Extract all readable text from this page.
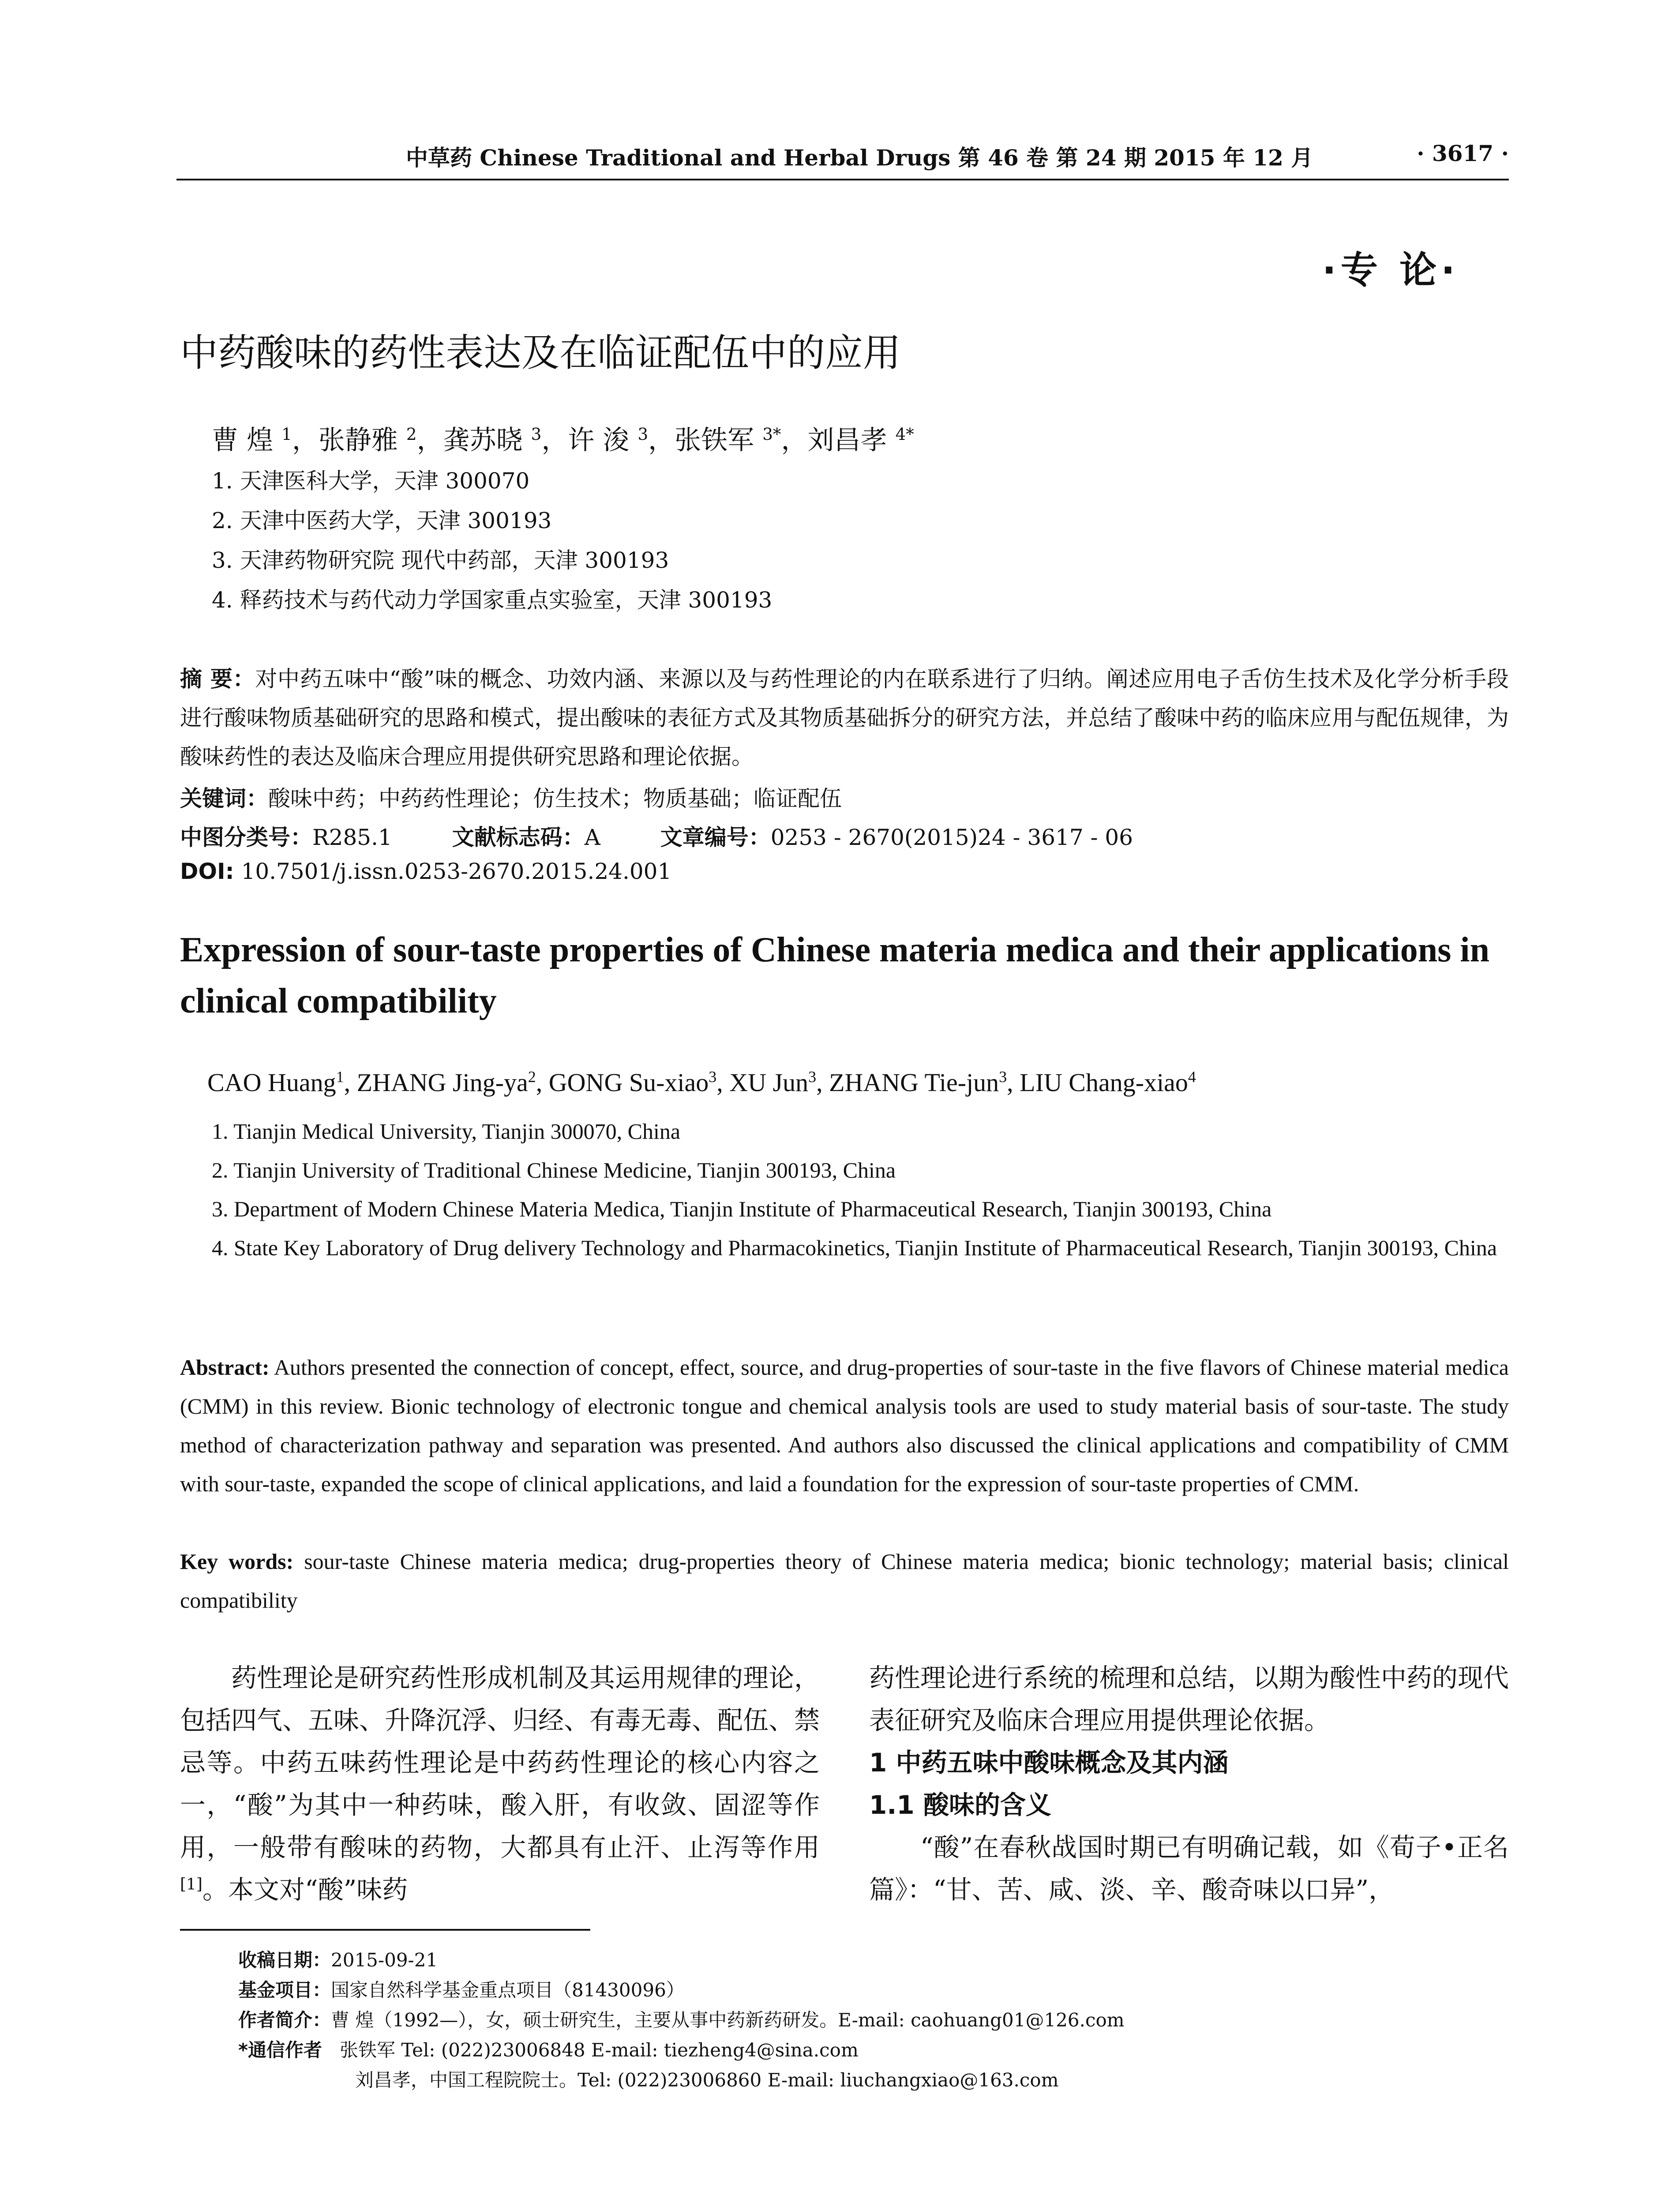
中草药 Chinese Traditional and Herbal Drugs 第 46 卷 第 24 期 2015 年 12 月	· 3617 ·
·专 论·
中药酸味的药性表达及在临证配伍中的应用
曹 煌 $^1$，张静雅 $^2$，龚苏晓 $^3$，许 浚 $^3$，张铁军 $^{3*}$，刘昌孝 $^{4*}$
1. 天津医科大学，天津 300070
2. 天津中医药大学，天津 300193
3. 天津药物研究院 现代中药部，天津 300193
4. 释药技术与药代动力学国家重点实验室，天津 300193
摘 要：对中药五味中“酸”味的概念、功效内涵、来源以及与药性理论的内在联系进行了归纳。阐述应用电子舌仿生技术及化学分析手段进行酸味物质基础研究的思路和模式，提出酸味的表征方式及其物质基础拆分的研究方法，并总结了酸味中药的临床应用与配伍规律，为酸味药性的表达及临床合理应用提供研究思路和理论依据。
关键词：酸味中药；中药药性理论；仿生技术；物质基础；临证配伍
中图分类号：R285.1	文献标志码：A	文章编号：0253 - 2670(2015)24 - 3617 - 06
DOI: 10.7501/j.issn.0253-2670.2015.24.001
Expression of sour-taste properties of Chinese materia medica and their applications in clinical compatibility
CAO Huang$^1$, ZHANG Jing-$ya^2$, GONG Su-xiao$^3$, XU Jun$^3$, ZHANG Tie-jun$^3$, LIU Chang-xiao$^4$
1. Tianjin Medical University, Tianjin 300070, China
2. Tianjin University of Traditional Chinese Medicine, Tianjin 300193, China
3. Department of Modern Chinese Materia Medica, Tianjin Institute of Pharmaceutical Research, Tianjin 300193, China
4. State Key Laboratory of Drug delivery Technology and Pharmacokinetics, Tianjin Institute of Pharmaceutical Research, Tianjin 300193, China
Abstract: Authors presented the connection of concept, effect, source, and drug-properties of sour-taste in the five flavors of Chinese material medica (CMM) in this review. Bionic technology of electronic tongue and chemical analysis tools are used to study material basis of sour-taste. The study method of characterization pathway and separation was presented. And authors also discussed the clinical applications and compatibility of CMM with sour-taste, expanded the scope of clinical applications, and laid a foundation for the expression of sour-taste properties of CMM.
Key words: sour-taste Chinese materia medica; drug-properties theory of Chinese materia medica; bionic technology; material basis; clinical compatibility

药性理论是研究药性形成机制及其运用规律的理论，包括四气、五味、升降沉浮、归经、有毒无毒、配伍、禁忌等。中药五味药性理论是中药药性理论的核心内容之一，“酸”为其中一种药味，酸入肝，有收敛、固涩等作用，一般带有酸味的药物，大都具有止汗、止泻等作用[1]。本文对“酸”味药

药性理论进行系统的梳理和总结，以期为酸性中药的现代表征研究及临床合理应用提供理论依据。

1 中药五味中酸味概念及其内涵

1.1 酸味的含义

“酸”在春秋战国时期已有明确记载，如《荀子•正名篇》：“甘、苦、咸、淡、辛、酸奇味以口异”，

收稿日期：2015-09-21
基金项目：国家自然科学基金重点项目（81430096）
作者简介：曹 煌（1992—），女，硕士研究生，主要从事中药新药研发。E-mail: caohuang01@126.com
*通信作者 张铁军 Tel: (022)23006848 E-mail: tiezheng4@sina.com
刘昌孝，中国工程院院士。Tel: (022)23006860 E-mail: liuchangxiao@163.com
